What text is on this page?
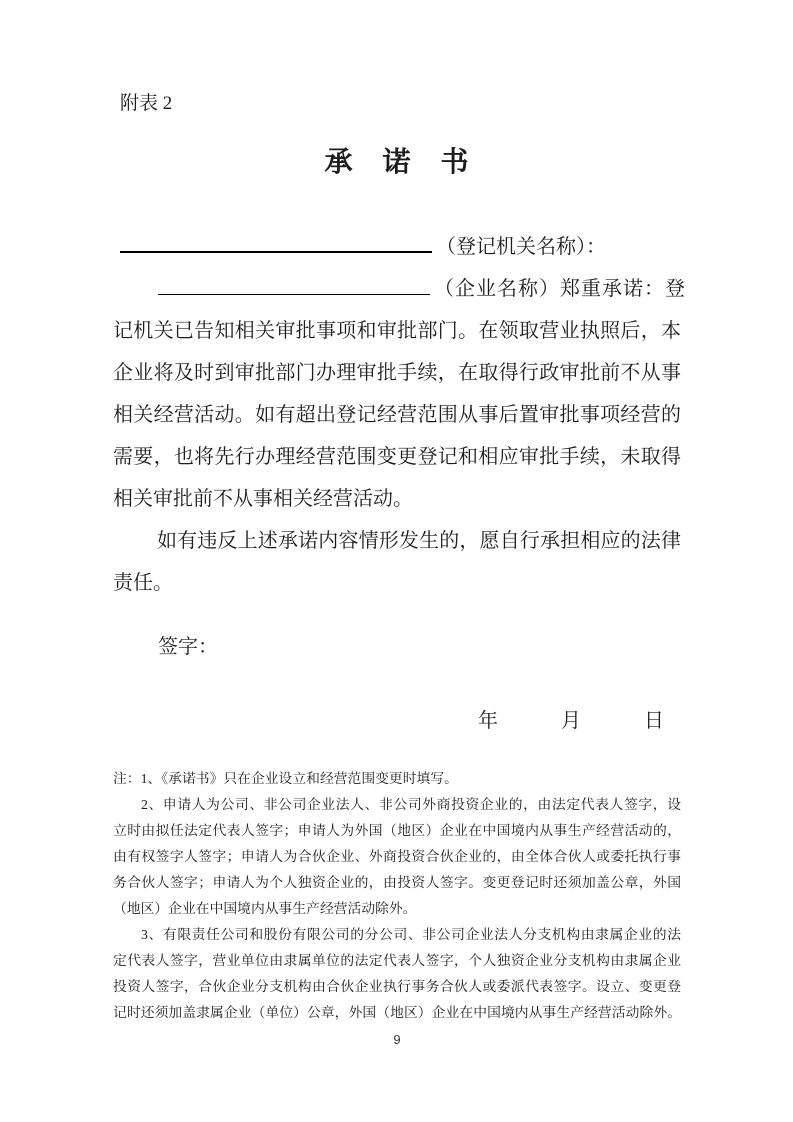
附表 2
承　诺　书
（登记机关名称）：
（企业名称）郑重承诺：登
记机关已告知相关审批事项和审批部门。在领取营业执照后，本
企业将及时到审批部门办理审批手续，在取得行政审批前不从事
相关经营活动。如有超出登记经营范围从事后置审批事项经营的
需要，也将先行办理经营范围变更登记和相应审批手续，未取得
相关审批前不从事相关经营活动。
如有违反上述承诺内容情形发生的，愿自行承担相应的法律
责任。
签字：
年	月	日
注：1、《承诺书》只在企业设立和经营范围变更时填写。
2、申请人为公司、非公司企业法人、非公司外商投资企业的，由法定代表人签字，设
立时由拟任法定代表人签字；申请人为外国（地区）企业在中国境内从事生产经营活动的，
由有权签字人签字；申请人为合伙企业、外商投资合伙企业的，由全体合伙人或委托执行事
务合伙人签字；申请人为个人独资企业的，由投资人签字。变更登记时还须加盖公章，外国
（地区）企业在中国境内从事生产经营活动除外。
3、有限责任公司和股份有限公司的分公司、非公司企业法人分支机构由隶属企业的法
定代表人签字，营业单位由隶属单位的法定代表人签字，个人独资企业分支机构由隶属企业
投资人签字，合伙企业分支机构由合伙企业执行事务合伙人或委派代表签字。设立、变更登
记时还须加盖隶属企业（单位）公章，外国（地区）企业在中国境内从事生产经营活动除外。
9
